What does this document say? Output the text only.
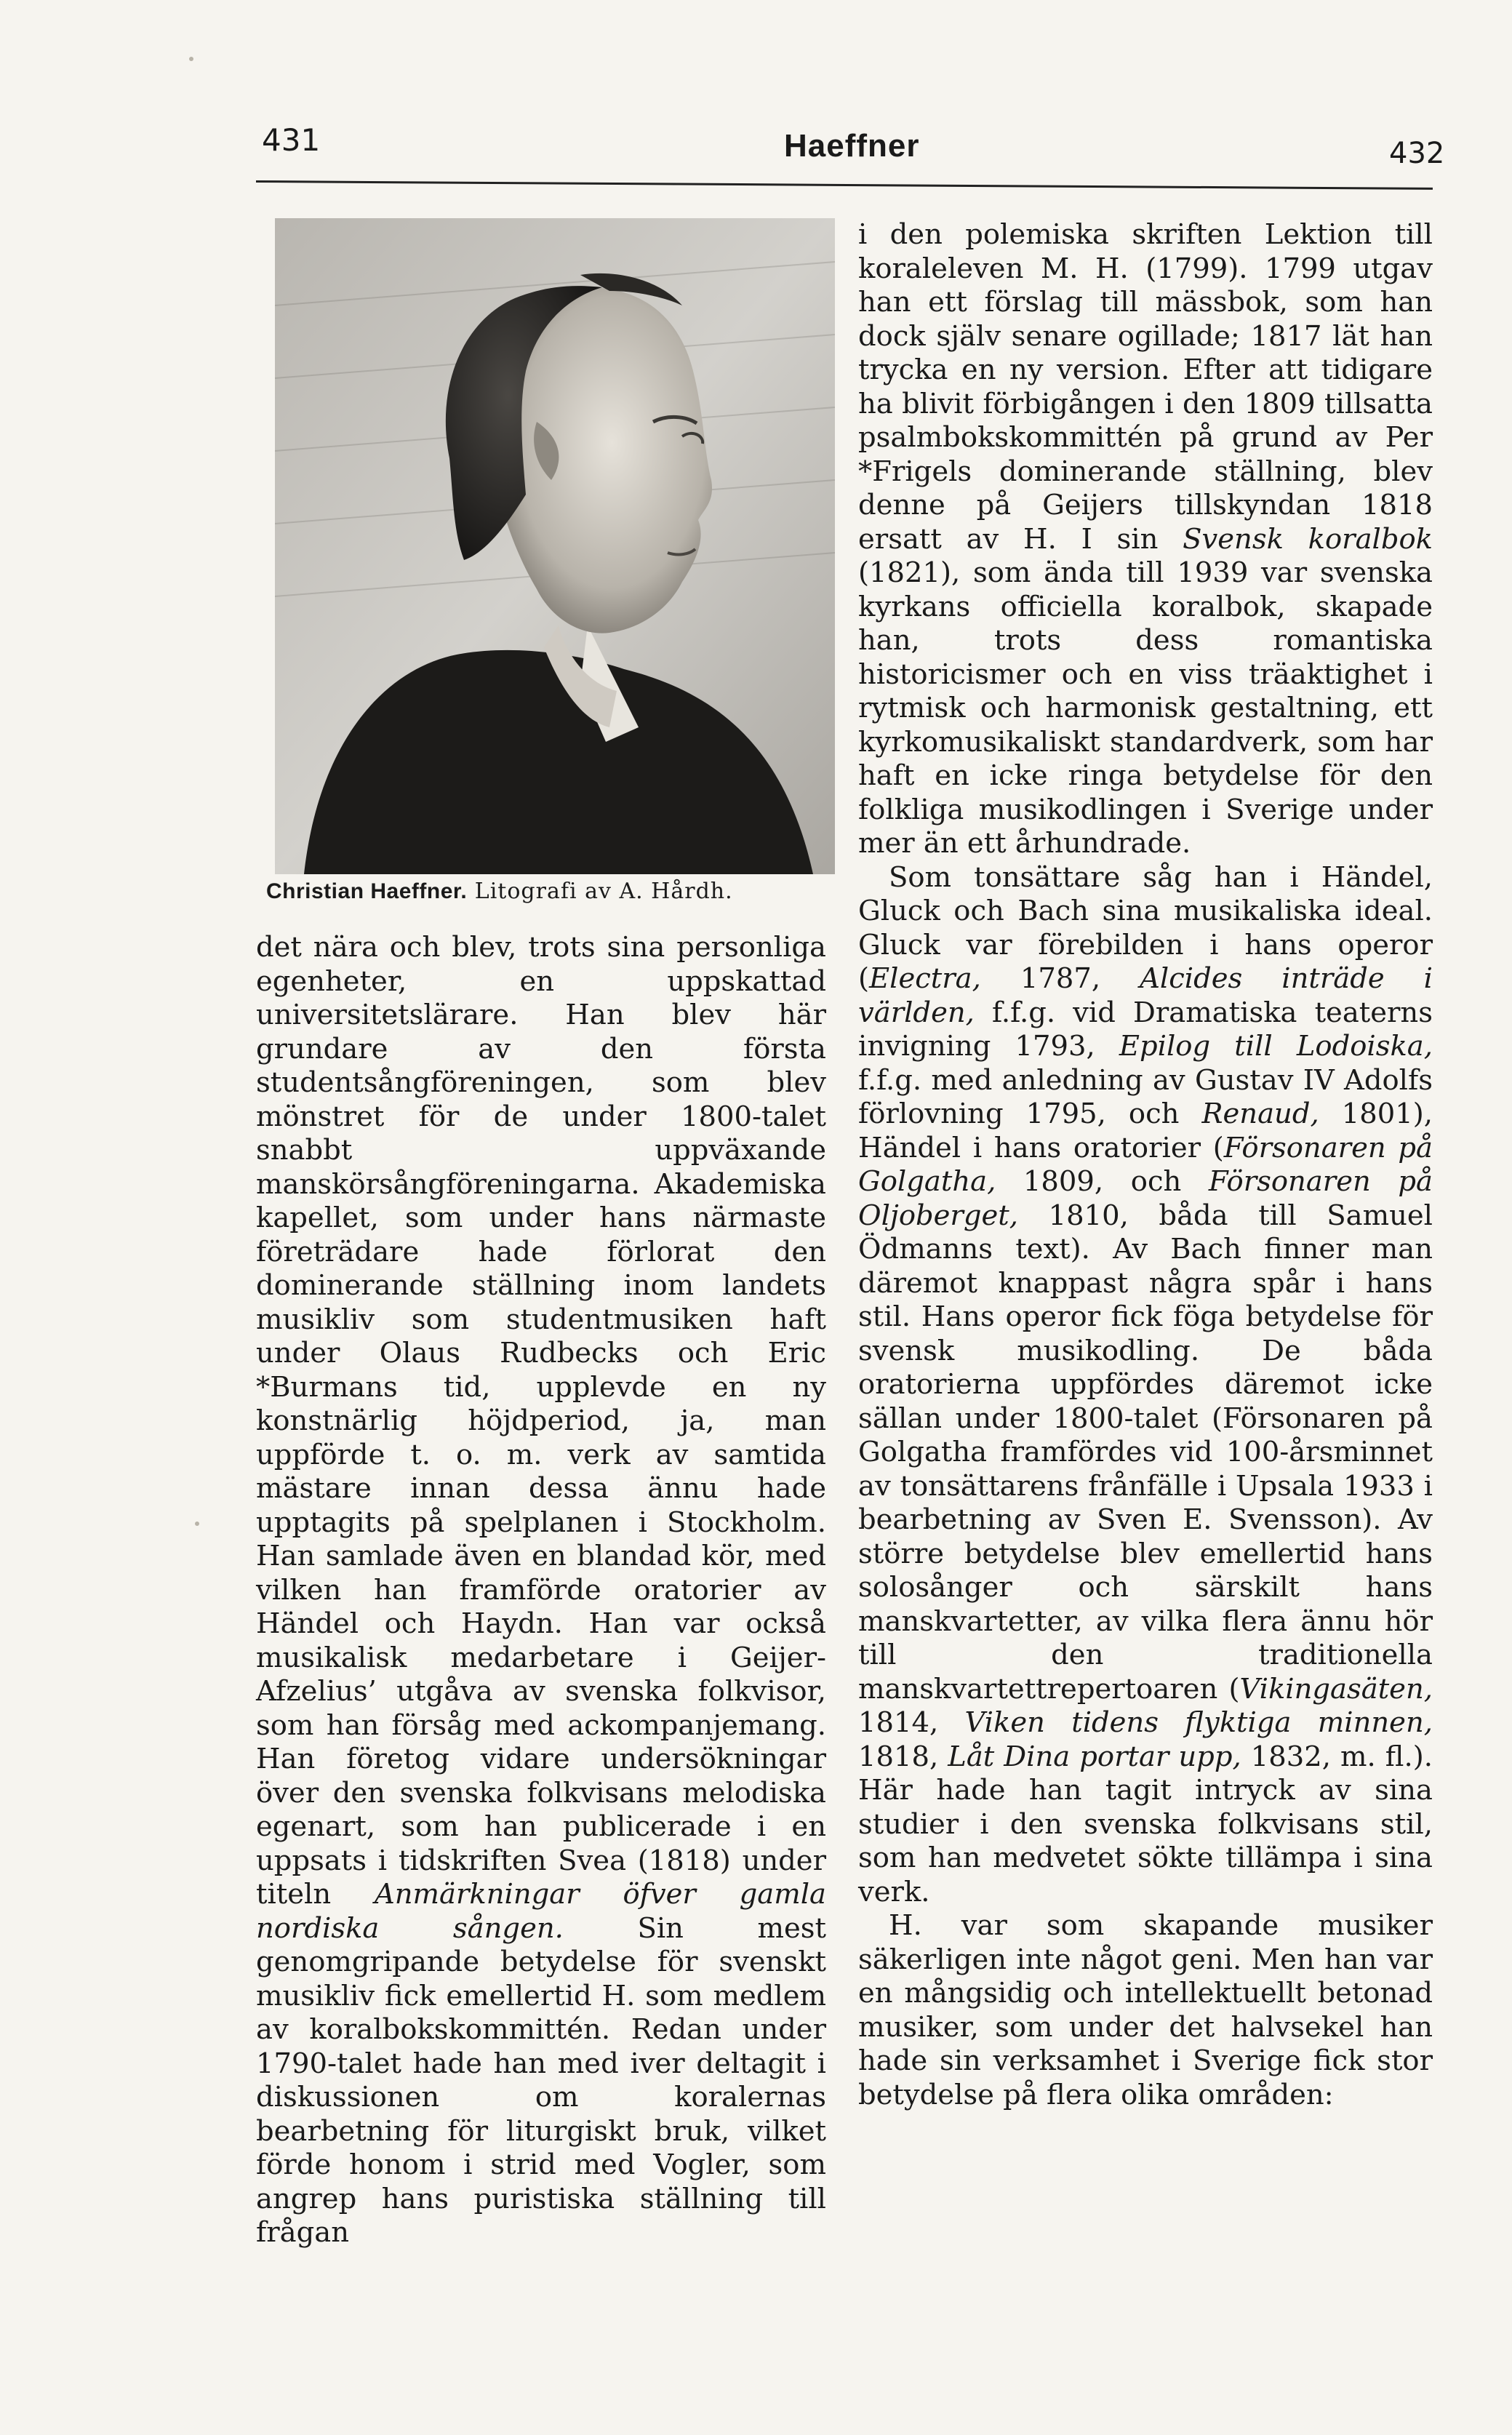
431	Haeffner	432
Christian Haeffner. Litografi av A. Hårdh.

det nära och blev, trots sina personliga egenheter, en uppskattad universitetslärare. Han blev här grundare av den första studentsångföreningen, som blev mönstret för de under 1800-talet snabbt uppväxande manskörsångföreningarna. Akademiska kapellet, som under hans närmaste företrädare hade förlorat den dominerande ställning inom landets musikliv som studentmusiken haft under Olaus Rudbecks och Eric *Burmans tid, upplevde en ny konstnärlig höjdperiod, ja, man uppförde t. o. m. verk av samtida mästare innan dessa ännu hade upptagits på spelplanen i Stockholm. Han samlade även en blandad kör, med vilken han framförde oratorier av Händel och Haydn. Han var också musikalisk medarbetare i Geijer-Afzelius’ utgåva av svenska folkvisor, som han försåg med ackompanjemang. Han företog vidare undersökningar över den svenska folkvisans melodiska egenart, som han publicerade i en uppsats i tidskriften Svea (1818) under titeln Anmärkningar öfver gamla nordiska sången. Sin mest genomgripande betydelse för svenskt musikliv fick emellertid H. som medlem av koralbokskommittén. Redan under 1790-talet hade han med iver deltagit i diskussionen om koralernas bearbetning för liturgiskt bruk, vilket förde honom i strid med Vogler, som angrep hans puristiska ställning till frågan

i den polemiska skriften Lektion till koraleleven M. H. (1799). 1799 utgav han ett förslag till mässbok, som han dock själv senare ogillade; 1817 lät han trycka en ny version. Efter att tidigare ha blivit förbigången i den 1809 tillsatta psalmbokskommittén på grund av Per *Frigels dominerande ställning, blev denne på Geijers tillskyndan 1818 ersatt av H. I sin Svensk koralbok (1821), som ända till 1939 var svenska kyrkans officiella koralbok, skapade han, trots dess romantiska historicismer och en viss träaktighet i rytmisk och harmonisk gestaltning, ett kyrkomusikaliskt standardverk, som har haft en icke ringa betydelse för den folkliga musikodlingen i Sverige under mer än ett århundrade.

Som tonsättare såg han i Händel, Gluck och Bach sina musikaliska ideal. Gluck var förebilden i hans operor (Electra, 1787, Alcides inträde i världen, f.f.g. vid Dramatiska teaterns invigning 1793, Epilog till Lodoiska, f.f.g. med anledning av Gustav IV Adolfs förlovning 1795, och Renaud, 1801), Händel i hans oratorier (Försonaren på Golgatha, 1809, och Försonaren på Oljoberget, 1810, båda till Samuel Ödmanns text). Av Bach finner man däremot knappast några spår i hans stil. Hans operor fick föga betydelse för svensk musikodling. De båda oratorierna uppfördes däremot icke sällan under 1800-talet (Försonaren på Golgatha framfördes vid 100-årsminnet av tonsättarens frånfälle i Upsala 1933 i bearbetning av Sven E. Svensson). Av större betydelse blev emellertid hans solosånger och särskilt hans manskvartetter, av vilka flera ännu hör till den traditionella manskvartettrepertoaren (Vikingasäten, 1814, Viken tidens flyktiga minnen, 1818, Låt Dina portar upp, 1832, m. fl.). Här hade han tagit intryck av sina studier i den svenska folkvisans stil, som han medvetet sökte tillämpa i sina verk.

H. var som skapande musiker säkerligen inte något geni. Men han var en mångsidig och intellektuellt betonad musiker, som under det halvsekel han hade sin verksamhet i Sverige fick stor betydelse på flera olika områden:
